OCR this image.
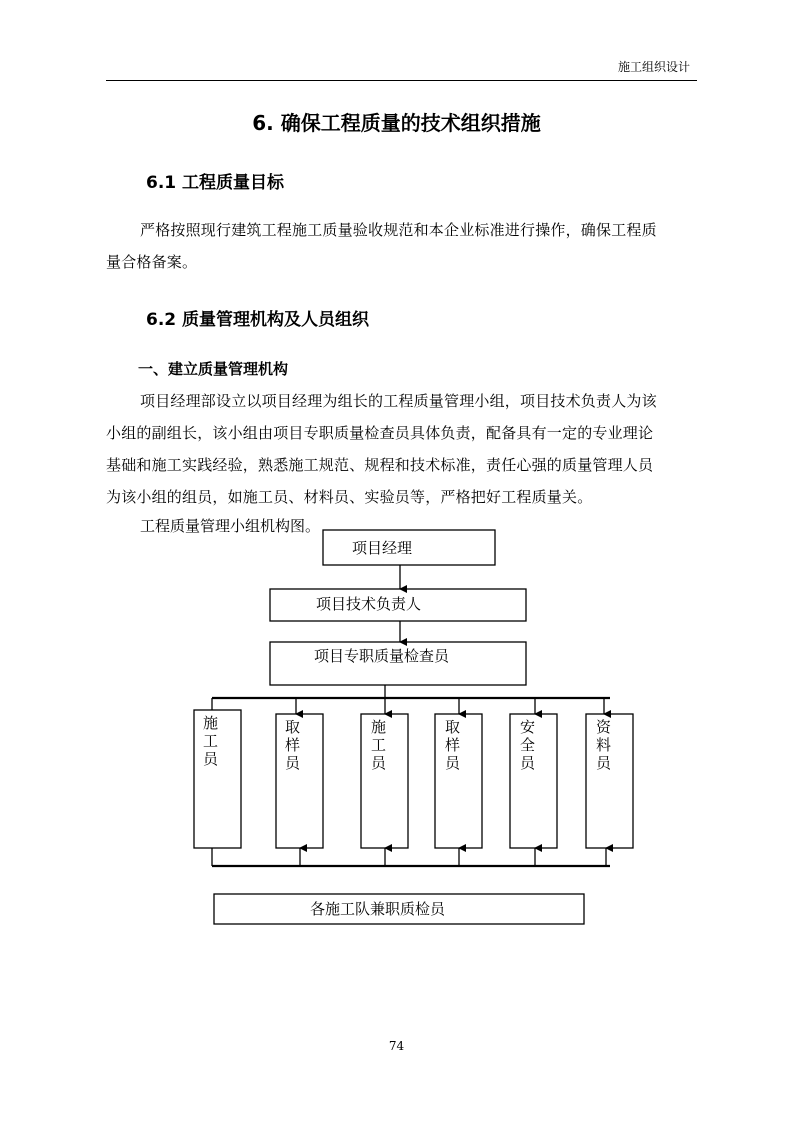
施工组织设计
6. 确保工程质量的技术组织措施
6.1 工程质量目标

严格按照现行建筑工程施工质量验收规范和本企业标准进行操作，确保工程质

量合格备案。

6.2 质量管理机构及人员组织
一、建立质量管理机构

项目经理部设立以项目经理为组长的工程质量管理小组，项目技术负责人为该

小组的副组长，该小组由项目专职质量检查员具体负责，配备具有一定的专业理论

基础和施工实践经验，熟悉施工规范、规程和技术标准，责任心强的质量管理人员

为该小组的组员，如施工员、材料员、实验员等，严格把好工程质量关。

工程质量管理小组机构图。
项目经理
项目技术负责人
项目专职质量检查员
施
工
员
取
样
员
施
工
员
取
样
员
安
全
员
资
料
员
各施工队兼职质检员
74
